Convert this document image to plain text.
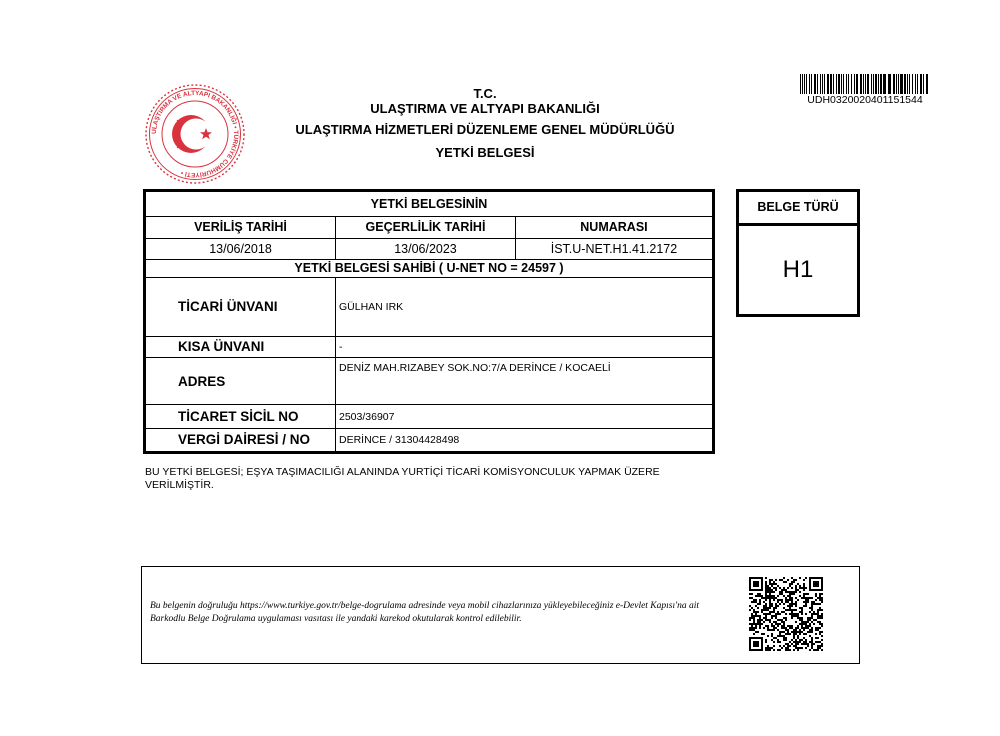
ULAŞTIRMA VE ALTYAPI BAKANLIĞI • TÜRKİYE CUMHURİYETİ •
T.C.
ULAŞTIRMA VE ALTYAPI BAKANLIĞI
ULAŞTIRMA HİZMETLERİ DÜZENLEME GENEL MÜDÜRLÜĞÜ
YETKİ BELGESİ
UDH0320020401151544
YETKİ BELGESİNİN		
VERİLİŞ TARİHİ	GEÇERLİLİK TARİHİ	NUMARASI
13/06/2018	13/06/2023	İST.U-NET.H1.41.2172
YETKİ BELGESİ SAHİBİ ( U-NET NO = 24597 )		
TİCARİ ÜNVANI	GÜLHAN IRK	
KISA ÜNVANI	-	
ADRES	DENİZ MAH.RIZABEY SOK.NO:7/A DERİNCE / KOCAELİ	
TİCARET SİCİL NO	2503/36907	
VERGİ DAİRESİ / NO	DERİNCE / 31304428498	
BELGE TÜRÜ
H1
BU YETKİ BELGESİ; EŞYA TAŞIMACILIĞI ALANINDA YURTİÇİ TİCARİ KOMİSYONCULUK YAPMAK ÜZERE VERİLMİŞTİR.
Bu belgenin doğruluğu https://www.turkiye.gov.tr/belge-dogrulama adresinde veya mobil cihazlarınıza yükleyebileceğiniz e-Devlet Kapısı'na ait Barkodlu Belge Doğrulama uygulaması vasıtası ile yandaki karekod okutularak kontrol edilebilir.
